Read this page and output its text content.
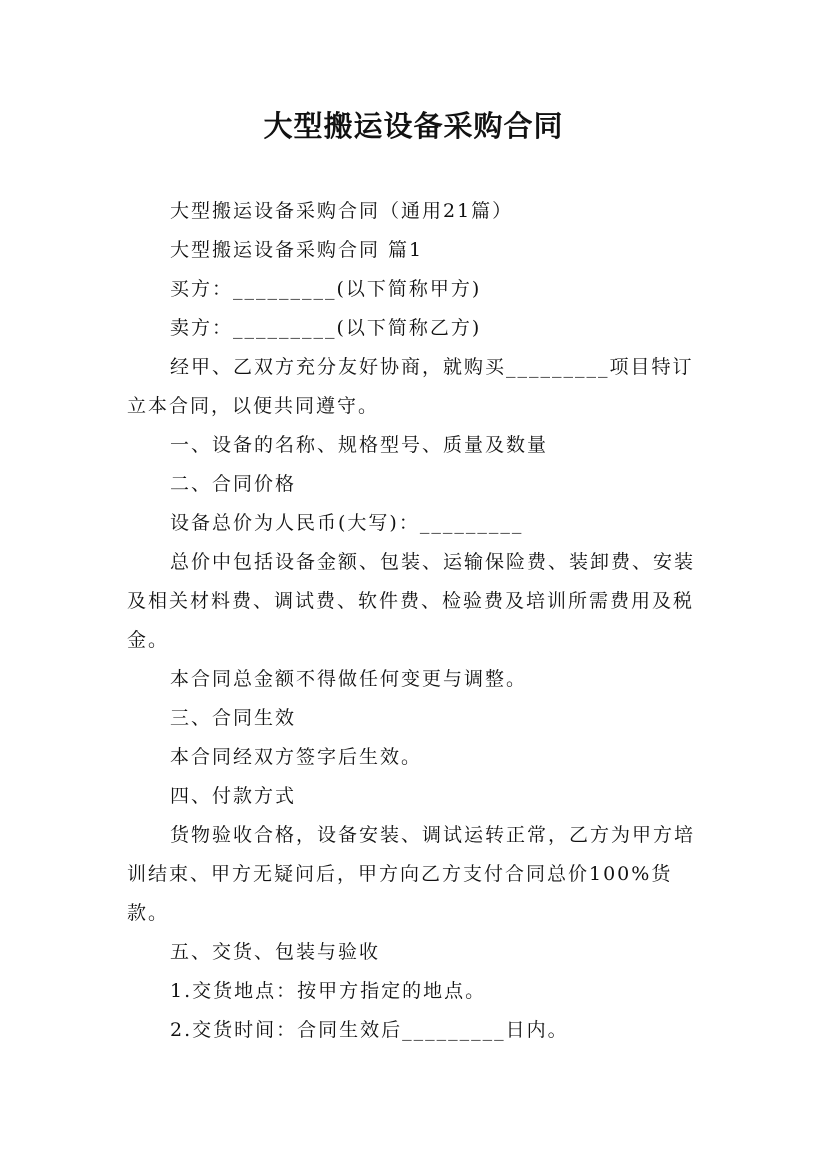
大型搬运设备采购合同

大型搬运设备采购合同（通用21篇）

大型搬运设备采购合同 篇1

买方：_________(以下简称甲方)

卖方：_________(以下简称乙方)

经甲、乙双方充分友好协商，就购买_________项目特订立本合同，以便共同遵守。

一、设备的名称、规格型号、质量及数量

二、合同价格

设备总价为人民币(大写)：_________

总价中包括设备金额、包装、运输保险费、装卸费、安装及相关材料费、调试费、软件费、检验费及培训所需费用及税金。

本合同总金额不得做任何变更与调整。

三、合同生效

本合同经双方签字后生效。

四、付款方式

货物验收合格，设备安装、调试运转正常，乙方为甲方培训结束、甲方无疑问后，甲方向乙方支付合同总价100%货款。

五、交货、包装与验收

1.交货地点：按甲方指定的地点。

2.交货时间：合同生效后_________日内。
